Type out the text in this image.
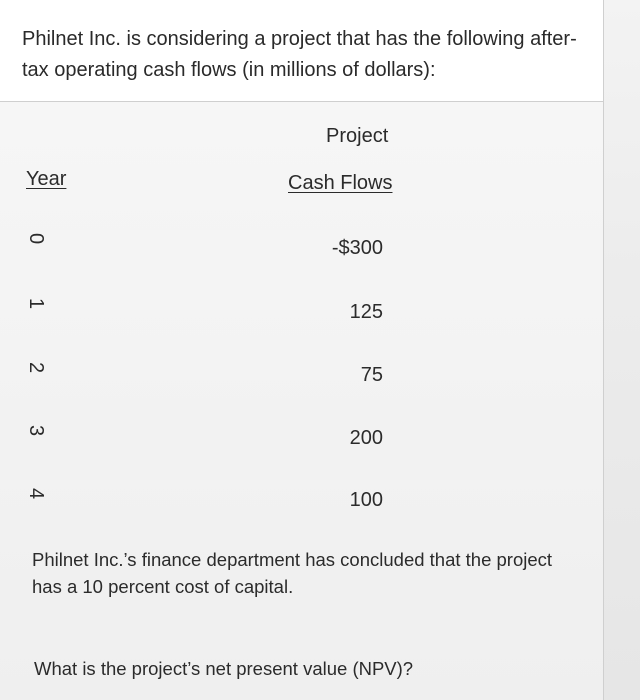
Philnet Inc. is considering a project that has the following after-tax operating cash flows (in millions of dollars):

Project
Year	Cash Flows
0
1
2
3
4
-$300
125
75
200
100

Philnet Inc.’s finance department has concluded that the project has a 10 percent cost of capital.

What is the project’s net present value (NPV)?
